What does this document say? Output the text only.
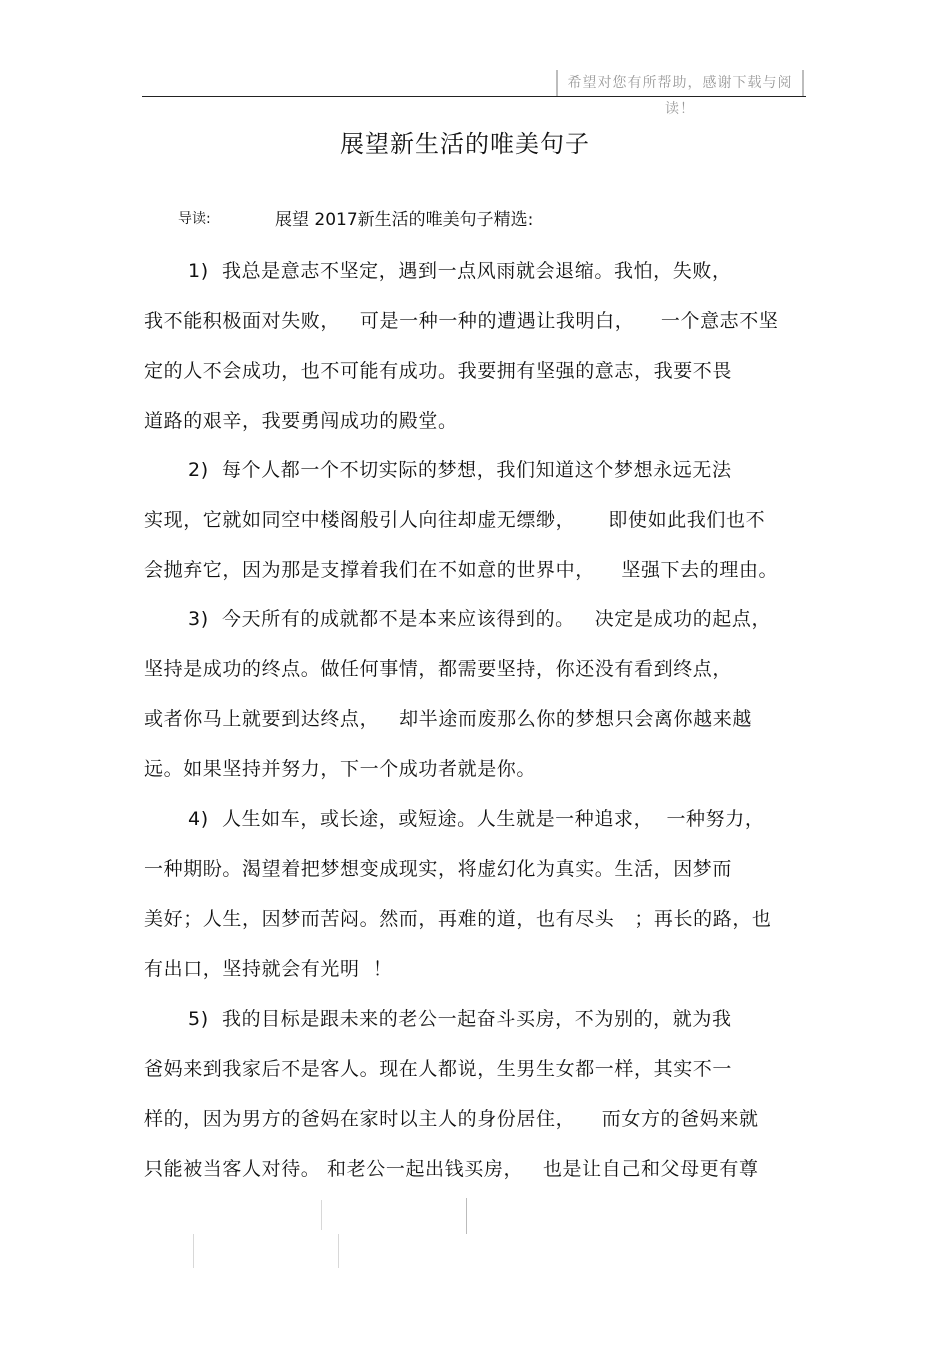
希望对您有所帮助，感谢下载与阅读！
展望新生活的唯美句子
导读:	展望 2017新生活的唯美句子精选:
1)  我总是意志不坚定，遇到一点风雨就会退缩。我怕，失败，
我不能积极面对失败，   可是一种一种的遭遇让我明白，    一个意志不坚
定的人不会成功，也不可能有成功。我要拥有坚强的意志，我要不畏
道路的艰辛，我要勇闯成功的殿堂。
2)  每个人都一个不切实际的梦想，我们知道这个梦想永远无法
实现，它就如同空中楼阁般引人向往却虚无缥缈，     即使如此我们也不
会抛弃它，因为那是支撑着我们在不如意的世界中，    坚强下去的理由。
3)  今天所有的成就都不是本来应该得到的。   决定是成功的起点，
坚持是成功的终点。做任何事情，都需要坚持，你还没有看到终点，
或者你马上就要到达终点，   却半途而废那么你的梦想只会离你越来越
远。如果坚持并努力，下一个成功者就是你。
4)  人生如车，或长途，或短途。人生就是一种追求，  一种努力，
一种期盼。渴望着把梦想变成现实，将虚幻化为真实。生活，因梦而
美好；人生，因梦而苦闷。然而，再难的道，也有尽头   ；再长的路，也
有出口，坚持就会有光明  ！
5)  我的目标是跟未来的老公一起奋斗买房，不为别的，就为我
爸妈来到我家后不是客人。现在人都说，生男生女都一样，其实不一
样的，因为男方的爸妈在家时以主人的身份居住，    而女方的爸妈来就
只能被当客人对待。 和老公一起出钱买房，   也是让自己和父母更有尊
